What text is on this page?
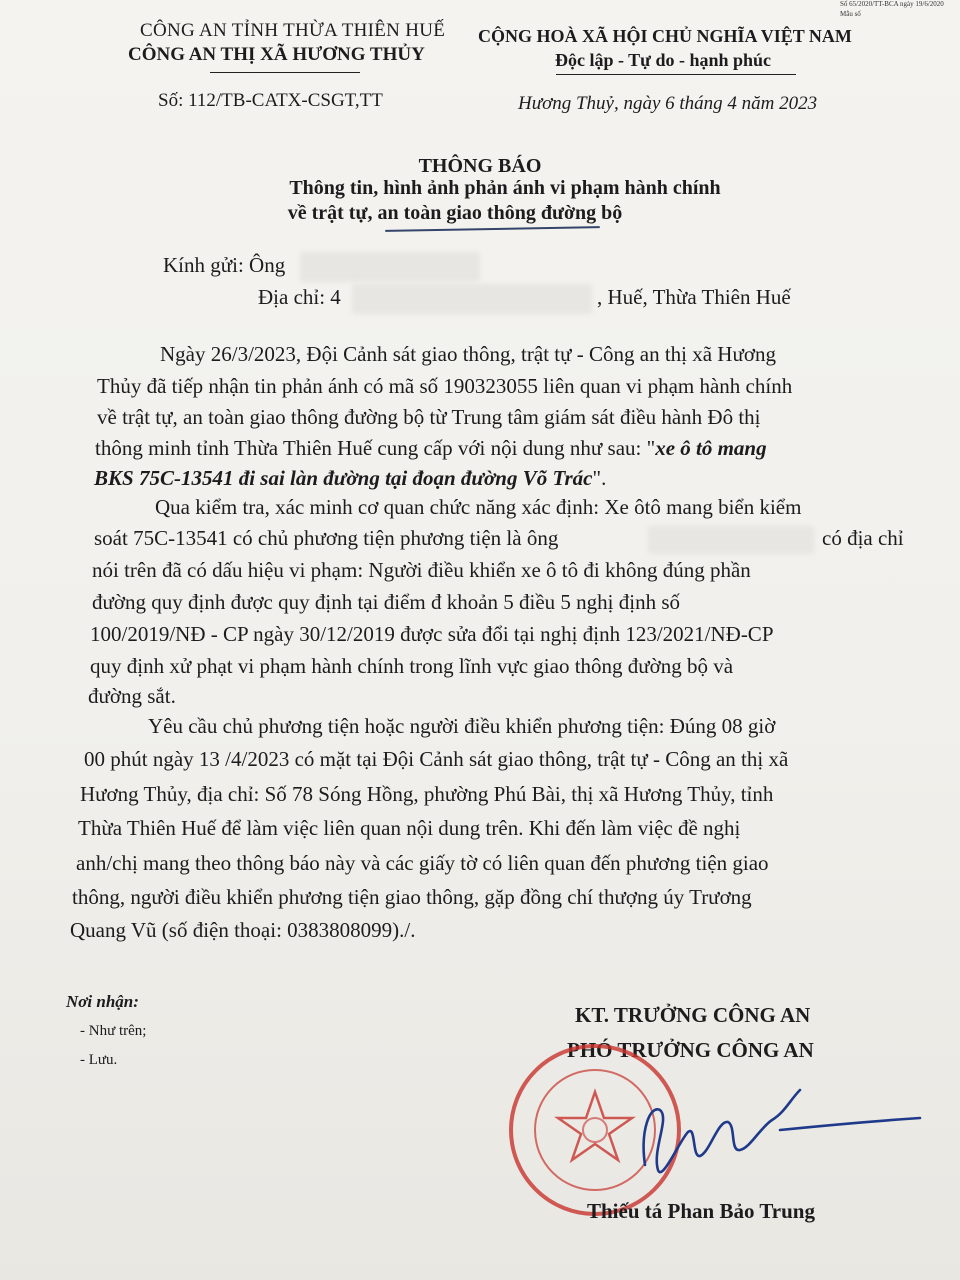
Số 65/2020/TT-BCA ngày 19/6/2020
Mẫu số
CÔNG AN TỈNH THỪA THIÊN HUẾ
CÔNG AN THỊ XÃ HƯƠNG THỦY
CỘNG HOÀ XÃ HỘI CHỦ NGHĨA VIỆT NAM
Độc lập - Tự do - hạnh phúc
Số: 112/TB-CATX-CSGT,TT	Hương Thuỷ, ngày 6 tháng 4 năm 2023
THÔNG BÁO
Thông tin, hình ảnh phản ánh vi phạm hành chính
về trật tự, an toàn giao thông đường bộ
Kính gửi: Ông
Địa chỉ: 4	, Huế, Thừa Thiên Huế
Ngày 26/3/2023, Đội Cảnh sát giao thông, trật tự - Công an thị xã Hương
Thủy đã tiếp nhận tin phản ánh có mã số 190323055 liên quan vi phạm hành chính
về trật tự, an toàn giao thông đường bộ từ Trung tâm giám sát điều hành Đô thị
thông minh tỉnh Thừa Thiên Huế cung cấp với nội dung như sau: "xe ô tô mang
BKS 75C-13541 đi sai làn đường tại đoạn đường Võ Trác".
Qua kiểm tra, xác minh cơ quan chức năng xác định: Xe ôtô mang biển kiểm
soát 75C-13541 có chủ phương tiện phương tiện là ông	có địa chỉ
nói trên đã có dấu hiệu vi phạm: Người điều khiển xe ô tô đi không đúng phần
đường quy định được quy định tại điểm đ khoản 5 điều 5 nghị định số
100/2019/NĐ - CP ngày 30/12/2019 được sửa đổi tại nghị định 123/2021/NĐ-CP
quy định xử phạt vi phạm hành chính trong lĩnh vực giao thông đường bộ và
đường sắt.
Yêu cầu chủ phương tiện hoặc người điều khiển phương tiện: Đúng 08 giờ
00 phút ngày 13 /4/2023 có mặt tại Đội Cảnh sát giao thông, trật tự - Công an thị xã
Hương Thủy, địa chỉ: Số 78 Sóng Hồng, phường Phú Bài, thị xã Hương Thủy, tỉnh
Thừa Thiên Huế để làm việc liên quan nội dung trên. Khi đến làm việc đề nghị
anh/chị mang theo thông báo này và các giấy tờ có liên quan đến phương tiện giao
thông, người điều khiển phương tiện giao thông, gặp đồng chí thượng úy Trương
Quang Vũ (số điện thoại: 0383808099)./.
Nơi nhận:
- Như trên;
- Lưu.
KT. TRƯỞNG CÔNG AN
PHÓ TRƯỞNG CÔNG AN
Thiếu tá Phan Bảo Trung
